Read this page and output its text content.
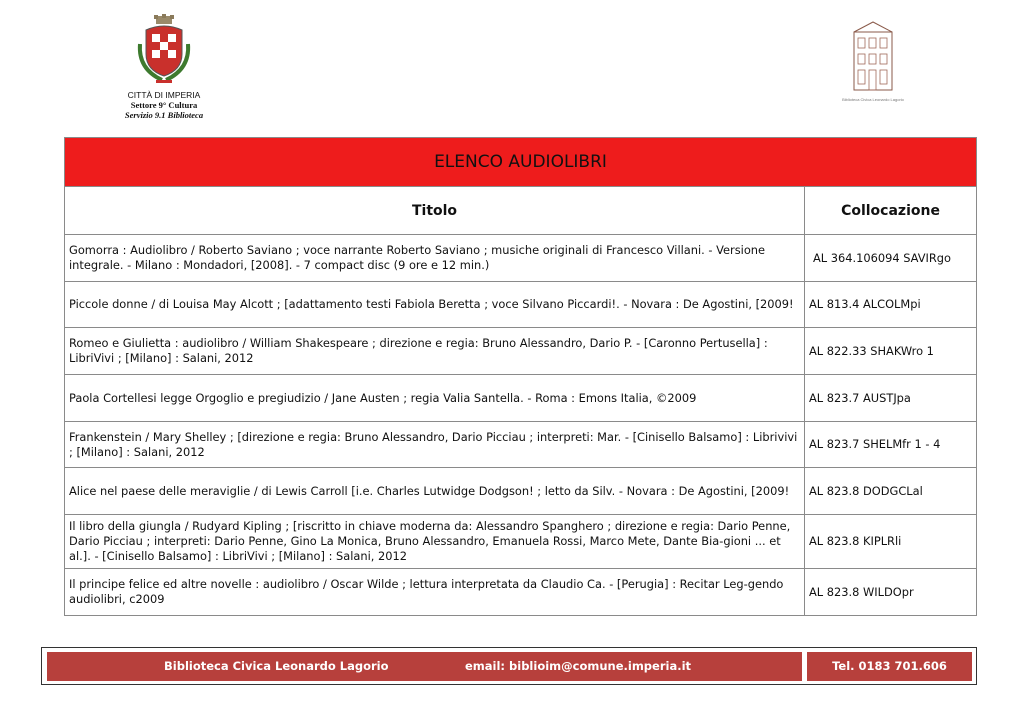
CITTÀ DI IMPERIA
Settore 9° Cultura
Servizio 9.1 Biblioteca
Biblioteca Civica Leonardo Lagorio
ELENCO AUDIOLIBRI	
Titolo	Collocazione
Gomorra : Audiolibro / Roberto Saviano ; voce narrante Roberto Saviano ; musiche originali di Francesco Villani. - Versione integrale. - Milano : Mondadori, [2008]. - 7 compact disc (9 ore e 12 min.)	AL 364.106094 SAVIRgo
Piccole donne / di Louisa May Alcott ; [adattamento testi Fabiola Beretta ; voce Silvano Piccardi!. - Novara : De Agostini, [2009!	AL 813.4 ALCOLMpi
Romeo e Giulietta : audiolibro / William Shakespeare ; direzione e regia: Bruno Alessandro, Dario P. - [Caronno Pertusella] : LibriVivi ; [Milano] : Salani, 2012	AL 822.33 SHAKWro 1
Paola Cortellesi legge Orgoglio e pregiudizio / Jane Austen ; regia Valia Santella. - Roma : Emons Italia, ©2009	AL 823.7 AUSTJpa
Frankenstein / Mary Shelley ; [direzione e regia: Bruno Alessandro, Dario Picciau ; interpreti: Mar. - [Cinisello Balsamo] : Librivivi ; [Milano] : Salani, 2012	AL 823.7 SHELMfr 1 - 4
Alice nel paese delle meraviglie / di Lewis Carroll [i.e. Charles Lutwidge Dodgson! ; letto da Silv. - Novara : De Agostini, [2009!	AL 823.8 DODGCLal
Il libro della giungla / Rudyard Kipling ; [riscritto in chiave moderna da: Alessandro Spanghero ; direzione e regia: Dario Penne, Dario Picciau ; interpreti: Dario Penne, Gino La Monica, Bruno Alessandro, Emanuela Rossi, Marco Mete, Dante Bia-gioni ... et al.]. - [Cinisello Balsamo] : LibriVivi ; [Milano] : Salani, 2012	AL 823.8 KIPLRli
Il principe felice ed altre novelle : audiolibro / Oscar Wilde ; lettura interpretata da Claudio Ca. - [Perugia] : Recitar Leg-gendo audiolibri, c2009	AL 823.8 WILDOpr
Biblioteca Civica Leonardo Lagorio	email: biblioim@comune.imperia.it	Tel. 0183 701.606
